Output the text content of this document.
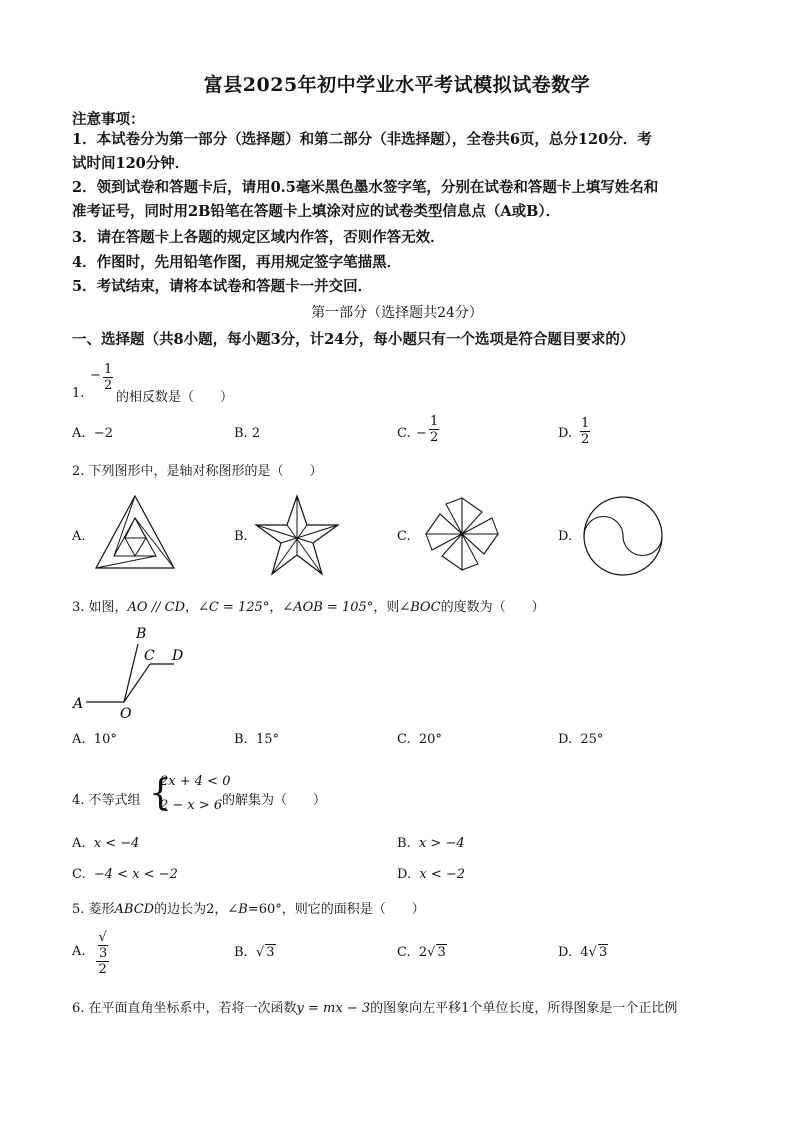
富县2025年初中学业水平考试模拟试卷数学
注意事项：
1．本试卷分为第一部分（选择题）和第二部分（非选择题），全卷共6页，总分120分．考
试时间120分钟．
2．领到试卷和答题卡后，请用0.5毫米黑色墨水签字笔，分别在试卷和答题卡上填写姓名和
准考证号，同时用2B铅笔在答题卡上填涂对应的试卷类型信息点（A或B）．
3．请在答题卡上各题的规定区域内作答，否则作答无效．
4．作图时，先用铅笔作图，再用规定签字笔描黑．
5．考试结束，请将本试卷和答题卡一并交回．
第一部分（选择题共24分）
一、选择题（共8小题，每小题3分，计24分，每小题只有一个选项是符合题目要求的）
1.
− $\frac{1}{2}$
的相反数是（　　）
A. −2	B. 2	C. − $\frac{1}{2}$	D. $\frac{1}{2}$
2. 下列图形中，是轴对称图形的是（　　）
A.	B.	C.	D.
3. 如图，AO // CD，∠C = 125°，∠AOB = 105°，则∠BOC的度数为（　　）
A
B
C D
O
A. 10°	B. 15°	C. 20°	D. 25°
4. 不等式组 {
2x + 4 < 0
2 − x > 6 的解集为（　　）
A. x < −4	B. x > −4
C. −4 < x < −2	D. x < −2
5. 菱形ABCD的边长为2，∠B=60°，则它的面积是（　　）
A. $\frac{√3}{2}$	B.  √ 3	C. 2√ 3	D. 4√ 3
6. 在平面直角坐标系中，若将一次函数y = mx − 3的图象向左平移1个单位长度，所得图象是一个正比例
